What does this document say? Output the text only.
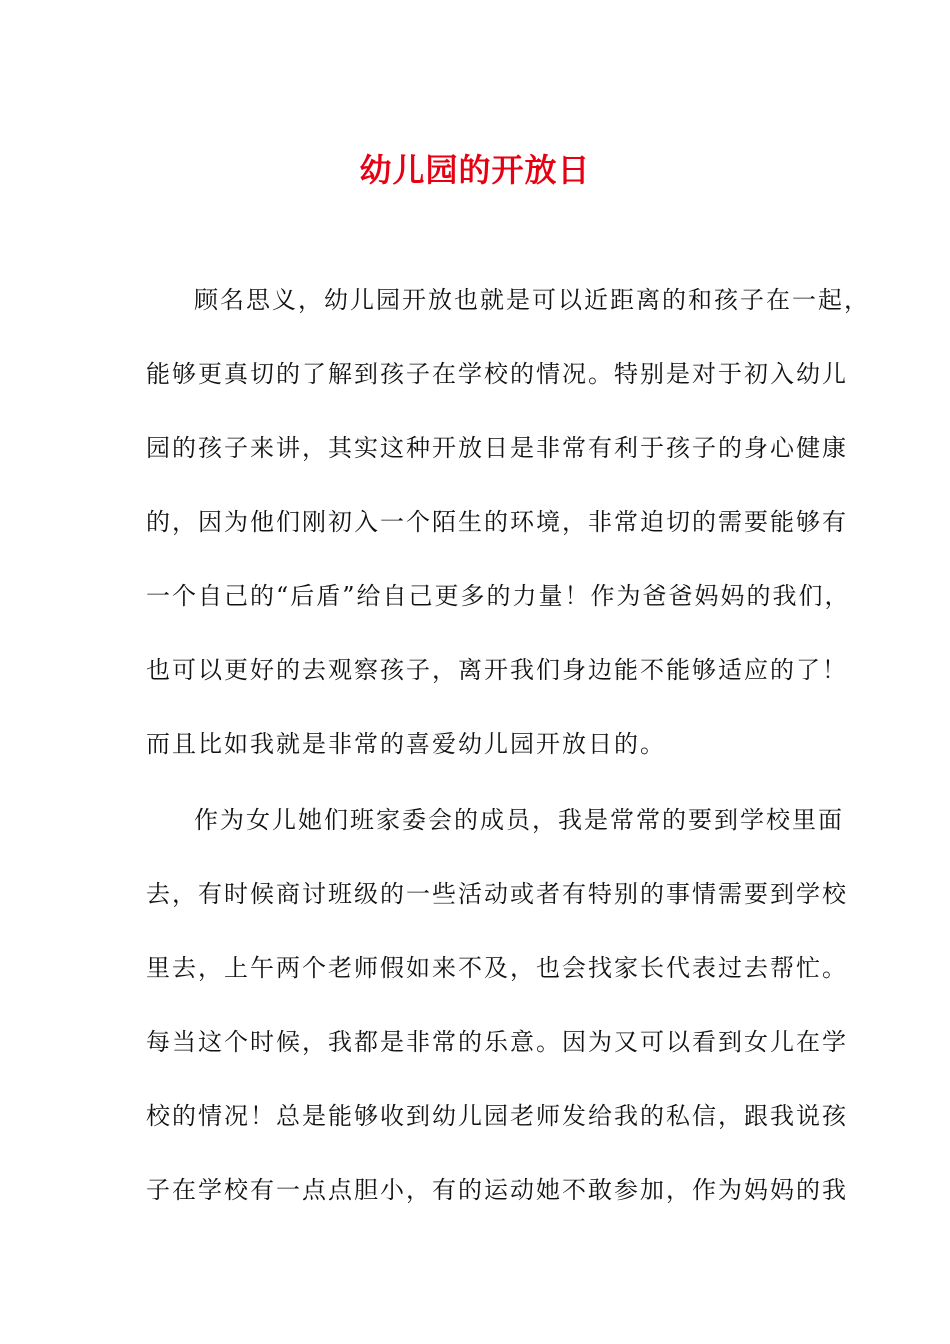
幼儿园的开放日
顾名思义，幼儿园开放也就是可以近距离的和孩子在一起，
能够更真切的了解到孩子在学校的情况。特别是对于初入幼儿
园的孩子来讲，其实这种开放日是非常有利于孩子的身心健康
的，因为他们刚初入一个陌生的环境，非常迫切的需要能够有
一个自己的“后盾”给自己更多的力量！作为爸爸妈妈的我们，
也可以更好的去观察孩子，离开我们身边能不能够适应的了！
而且比如我就是非常的喜爱幼儿园开放日的。
作为女儿她们班家委会的成员，我是常常的要到学校里面
去，有时候商讨班级的一些活动或者有特别的事情需要到学校
里去，上午两个老师假如来不及，也会找家长代表过去帮忙。
每当这个时候，我都是非常的乐意。因为又可以看到女儿在学
校的情况！总是能够收到幼儿园老师发给我的私信，跟我说孩
子在学校有一点点胆小，有的运动她不敢参加，作为妈妈的我
